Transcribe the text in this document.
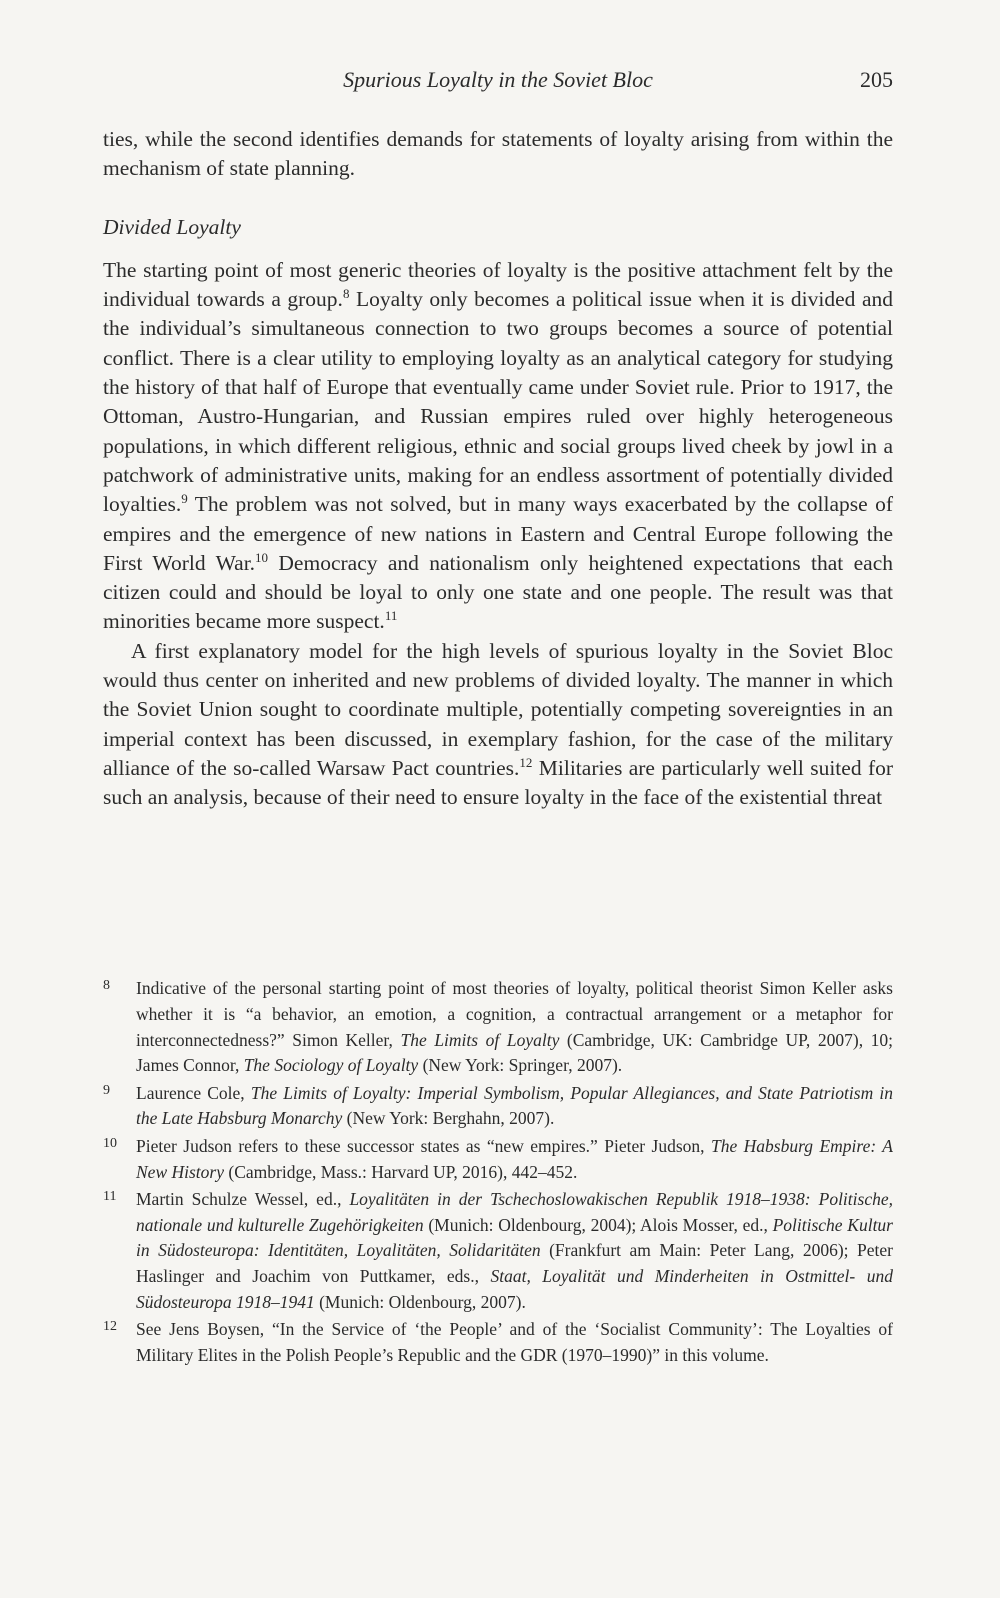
Spurious Loyalty in the Soviet Bloc	205

ties, while the second identifies demands for statements of loyalty arising from within the mechanism of state planning.

Divided Loyalty

The starting point of most generic theories of loyalty is the positive attachment felt by the individual towards a group.$^8$ Loyalty only becomes a political issue when it is divided and the individual’s simultaneous connection to two groups becomes a source of potential conflict. There is a clear utility to employing loyalty as an analytical category for studying the history of that half of Europe that eventually came under Soviet rule. Prior to 1917, the Ottoman, Austro-Hungarian, and Russian empires ruled over highly heterogeneous populations, in which different religious, ethnic and social groups lived cheek by jowl in a patchwork of administrative units, making for an endless assortment of potentially divided loyalties.$^9$ The problem was not solved, but in many ways exacerbated by the collapse of empires and the emergence of new nations in Eastern and Central Europe following the First World War.$^{10}$ Democracy and nationalism only heightened expectations that each citizen could and should be loyal to only one state and one people. The result was that minorities became more suspect.$^{11}$

A first explanatory model for the high levels of spurious loyalty in the Soviet Bloc would thus center on inherited and new problems of divided loyalty. The manner in which the Soviet Union sought to coordinate multiple, potentially competing sovereignties in an imperial context has been discussed, in exemplary fashion, for the case of the military alliance of the so-called Warsaw Pact countries.$^{12}$ Militaries are particularly well suited for such an analysis, because of their need to ensure loyalty in the face of the existential threat

8 Indicative of the personal starting point of most theories of loyalty, political theorist Simon Keller asks whether it is “a behavior, an emotion, a cognition, a contractual arrangement or a metaphor for interconnectedness?” Simon Keller, The Limits of Loyalty (Cambridge, UK: Cambridge UP, 2007), 10; James Connor, The Sociology of Loyalty (New York: Springer, 2007).
9 Laurence Cole, The Limits of Loyalty: Imperial Symbolism, Popular Allegiances, and State Patriotism in the Late Habsburg Monarchy (New York: Berghahn, 2007).
10 Pieter Judson refers to these successor states as “new empires.” Pieter Judson, The Habsburg Empire: A New History (Cambridge, Mass.: Harvard UP, 2016), 442–452.
11 Martin Schulze Wessel, ed., Loyalitäten in der Tschechoslowakischen Republik 1918–1938: Politische, nationale und kulturelle Zugehörigkeiten (Munich: Oldenbourg, 2004); Alois Mosser, ed., Politische Kultur in Südosteuropa: Identitäten, Loyalitäten, Solidaritäten (Frankfurt am Main: Peter Lang, 2006); Peter Haslinger and Joachim von Puttkamer, eds., Staat, Loyalität und Minderheiten in Ostmittel- und Südosteuropa 1918–1941 (Munich: Oldenbourg, 2007).
12 See Jens Boysen, “In the Service of ‘the People’ and of the ‘Socialist Community’: The Loyalties of Military Elites in the Polish People’s Republic and the GDR (1970–1990)” in this volume.
